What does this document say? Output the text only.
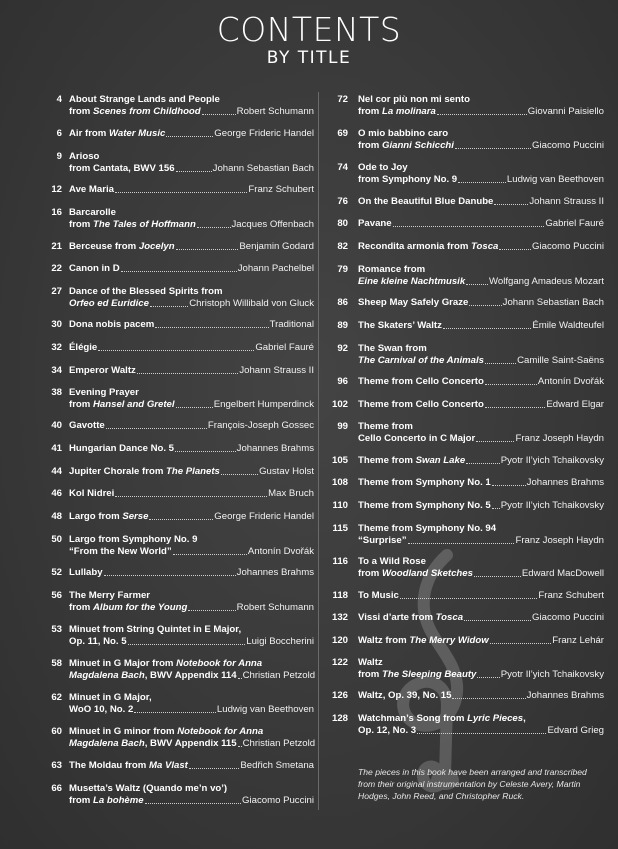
CONTENTS
BY TITLE
4 About Strange Lands and People
from Scenes from Childhood	Robert Schumann
6 Air from Water Music	George Frideric Handel
9 Arioso
from Cantata, BWV 156	Johann Sebastian Bach
12 Ave Maria	Franz Schubert
16 Barcarolle
from The Tales of Hoffmann	Jacques Offenbach
21 Berceuse from Jocelyn	Benjamin Godard
22 Canon in D	Johann Pachelbel
27 Dance of the Blessed Spirits from
Orfeo ed Euridice	Christoph Willibald von Gluck
30 Dona nobis pacem	Traditional
32 Élégie	Gabriel Fauré
34 Emperor Waltz	Johann Strauss II
38 Evening Prayer
from Hansel and Gretel	Engelbert Humperdinck
40 Gavotte	François-Joseph Gossec
41 Hungarian Dance No. 5	Johannes Brahms
44 Jupiter Chorale from The Planets	Gustav Holst
46 Kol Nidrei	Max Bruch
48 Largo from Serse	George Frideric Handel
50 Largo from Symphony No. 9
“From the New World”	Antonín Dvořák
52 Lullaby	Johannes Brahms
56 The Merry Farmer
from Album for the Young	Robert Schumann
53 Minuet from String Quintet in E Major,
Op. 11, No. 5	Luigi Boccherini
58 Minuet in G Major from Notebook for Anna
Magdalena Bach, BWV Appendix 114 Christian Petzold
62 Minuet in G Major,
WoO 10, No. 2	Ludwig van Beethoven
60 Minuet in G minor from Notebook for Anna
Magdalena Bach, BWV Appendix 115 Christian Petzold
63 The Moldau from Ma Vlast	Bedřich Smetana
66 Musetta’s Waltz (Quando me’n vo’)
from La bohème	Giacomo Puccini
72 Nel cor più non mi sento
from La molinara	Giovanni Paisiello
69 O mio babbino caro
from Gianni Schicchi	Giacomo Puccini
74 Ode to Joy
from Symphony No. 9	Ludwig van Beethoven
76 On the Beautiful Blue Danube	Johann Strauss II
80 Pavane	Gabriel Fauré
82 Recondita armonia from Tosca	Giacomo Puccini
79 Romance from
Eine kleine Nachtmusik Wolfgang Amadeus Mozart
86 Sheep May Safely Graze	Johann Sebastian Bach
89 The Skaters’ Waltz	Émile Waldteufel
92 The Swan from
The Carnival of the Animals	Camille Saint-Saëns
96 Theme from Cello Concerto	Antonín Dvořák
102 Theme from Cello Concerto	Edward Elgar
99 Theme from
Cello Concerto in C Major	Franz Joseph Haydn
105 Theme from Swan Lake	Pyotr Il’yich Tchaikovsky
108 Theme from Symphony No. 1	Johannes Brahms
110 Theme from Symphony No. 5 Pyotr Il’yich Tchaikovsky
115 Theme from Symphony No. 94
“Surprise”	Franz Joseph Haydn
116 To a Wild Rose
from Woodland Sketches	Edward MacDowell
118 To Music	Franz Schubert
132 Vissi d’arte from Tosca	Giacomo Puccini
120 Waltz from The Merry Widow	Franz Lehár
122 Waltz
from The Sleeping Beauty	Pyotr Il’yich Tchaikovsky
126 Waltz, Op. 39, No. 15	Johannes Brahms
128 Watchman’s Song from Lyric Pieces,
Op. 12, No. 3	Edvard Grieg
The pieces in this book have been arranged and transcribed from their original instrumentation by Celeste Avery, Martin Hodges, John Reed, and Christopher Ruck.
